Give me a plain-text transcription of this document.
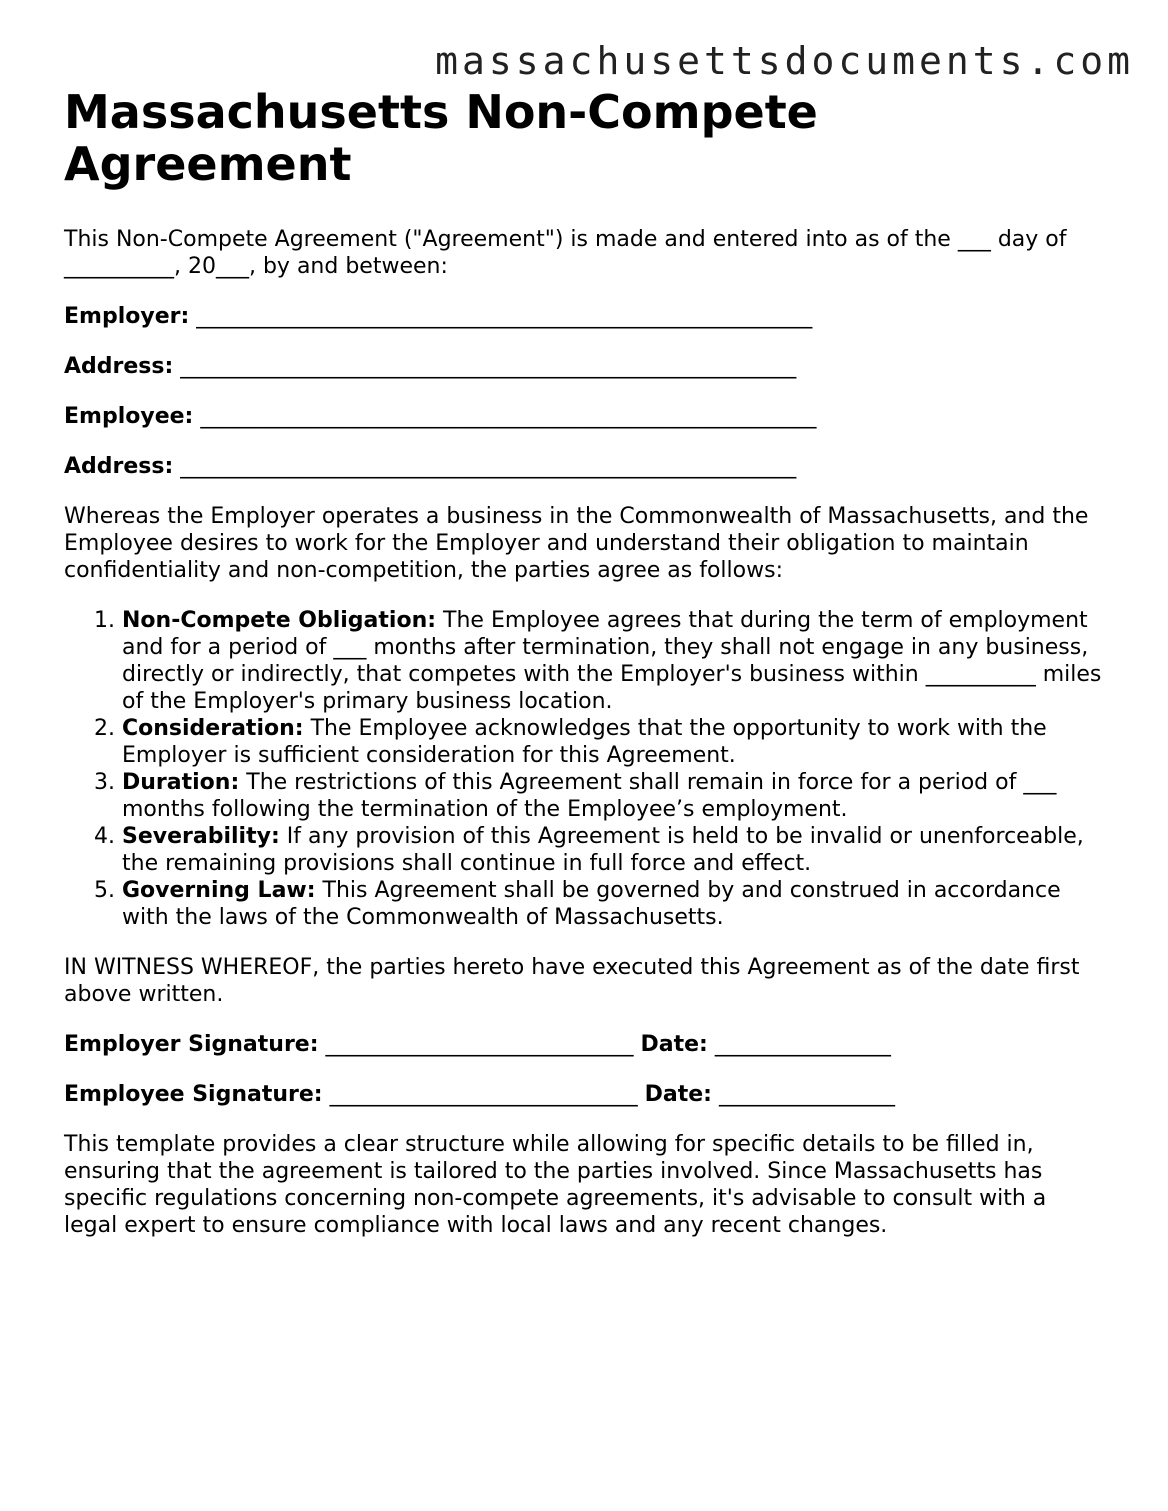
massachusettsdocuments.com
Massachusetts Non-Compete Agreement

This Non-Compete Agreement ("Agreement") is made and entered into as of the ___ day of __________, 20___, by and between:

Employer: ________________________________________________________

Address: ________________________________________________________

Employee: ________________________________________________________

Address: ________________________________________________________

Whereas the Employer operates a business in the Commonwealth of Massachusetts, and the Employee desires to work for the Employer and understand their obligation to maintain confidentiality and non-competition, the parties agree as follows:

1. Non-Compete Obligation: The Employee agrees that during the term of employment and for a period of ___ months after termination, they shall not engage in any business, directly or indirectly, that competes with the Employer's business within __________ miles of the Employer's primary business location.
2. Consideration: The Employee acknowledges that the opportunity to work with the Employer is sufficient consideration for this Agreement.
3. Duration: The restrictions of this Agreement shall remain in force for a period of ___ months following the termination of the Employee’s employment.
4. Severability: If any provision of this Agreement is held to be invalid or unenforceable, the remaining provisions shall continue in full force and effect.
5. Governing Law: This Agreement shall be governed by and construed in accordance with the laws of the Commonwealth of Massachusetts.

IN WITNESS WHEREOF, the parties hereto have executed this Agreement as of the date first above written.

Employer Signature: ____________________________ Date: ________________

Employee Signature: ____________________________ Date: ________________

This template provides a clear structure while allowing for specific details to be filled in, ensuring that the agreement is tailored to the parties involved. Since Massachusetts has specific regulations concerning non-compete agreements, it's advisable to consult with a legal expert to ensure compliance with local laws and any recent changes.
